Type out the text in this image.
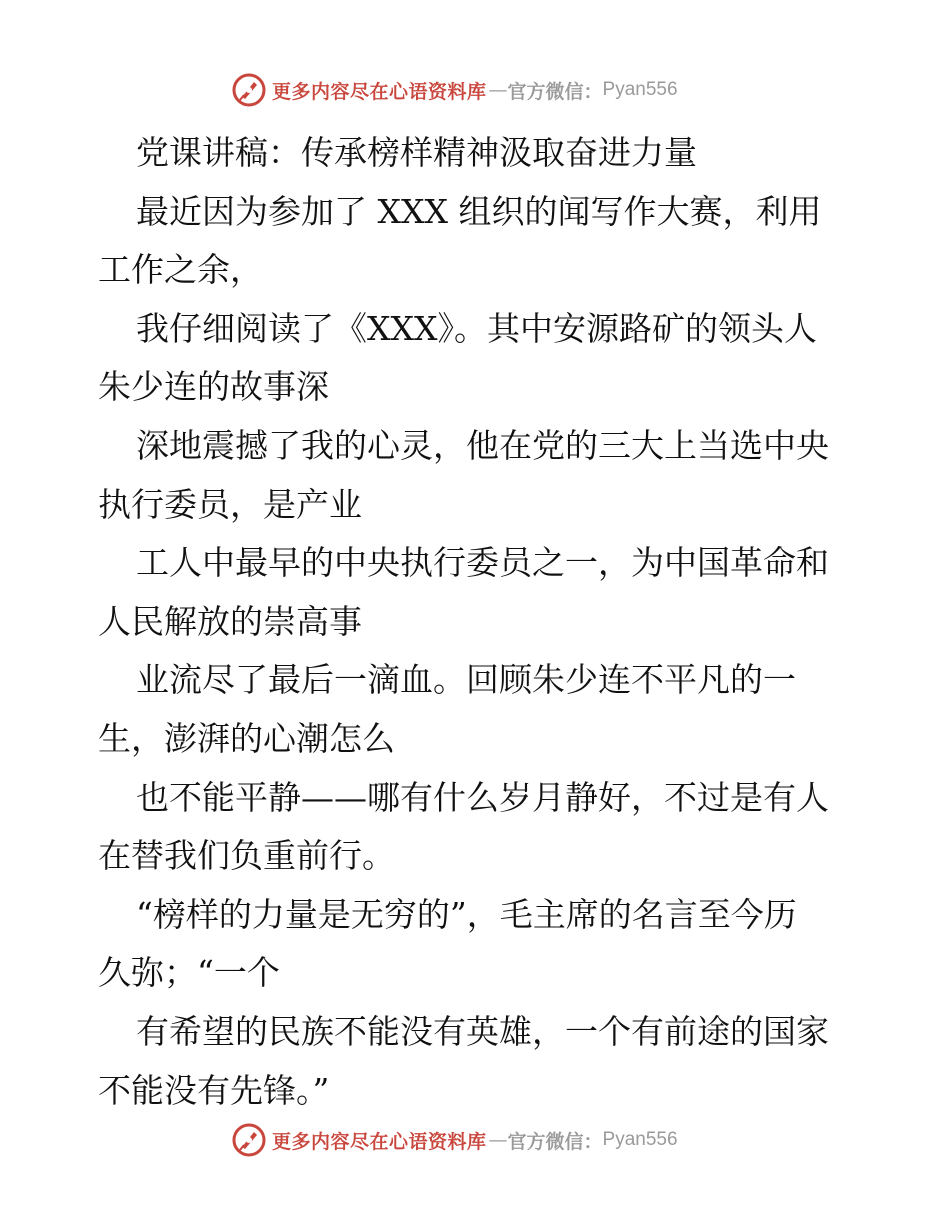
更多内容尽在心语资料库 — 官方微信： Pyan556
党课讲稿：传承榜样精神汲取奋进力量
最近因为参加了 XXX 组织的闻写作大赛，利用
工作之余，
我仔细阅读了《XXX》。其中安源路矿的领头人
朱少连的故事深
深地震撼了我的心灵，他在党的三大上当选中央
执行委员，是产业
工人中最早的中央执行委员之一，为中国革命和
人民解放的崇高事
业流尽了最后一滴血。回顾朱少连不平凡的一
生，澎湃的心潮怎么
也不能平静——哪有什么岁月静好，不过是有人
在替我们负重前行。
“榜样的力量是无穷的”，毛主席的名言至今历
久弥；“一个
有希望的民族不能没有英雄，一个有前途的国家
不能没有先锋。”
更多内容尽在心语资料库 — 官方微信： Pyan556
